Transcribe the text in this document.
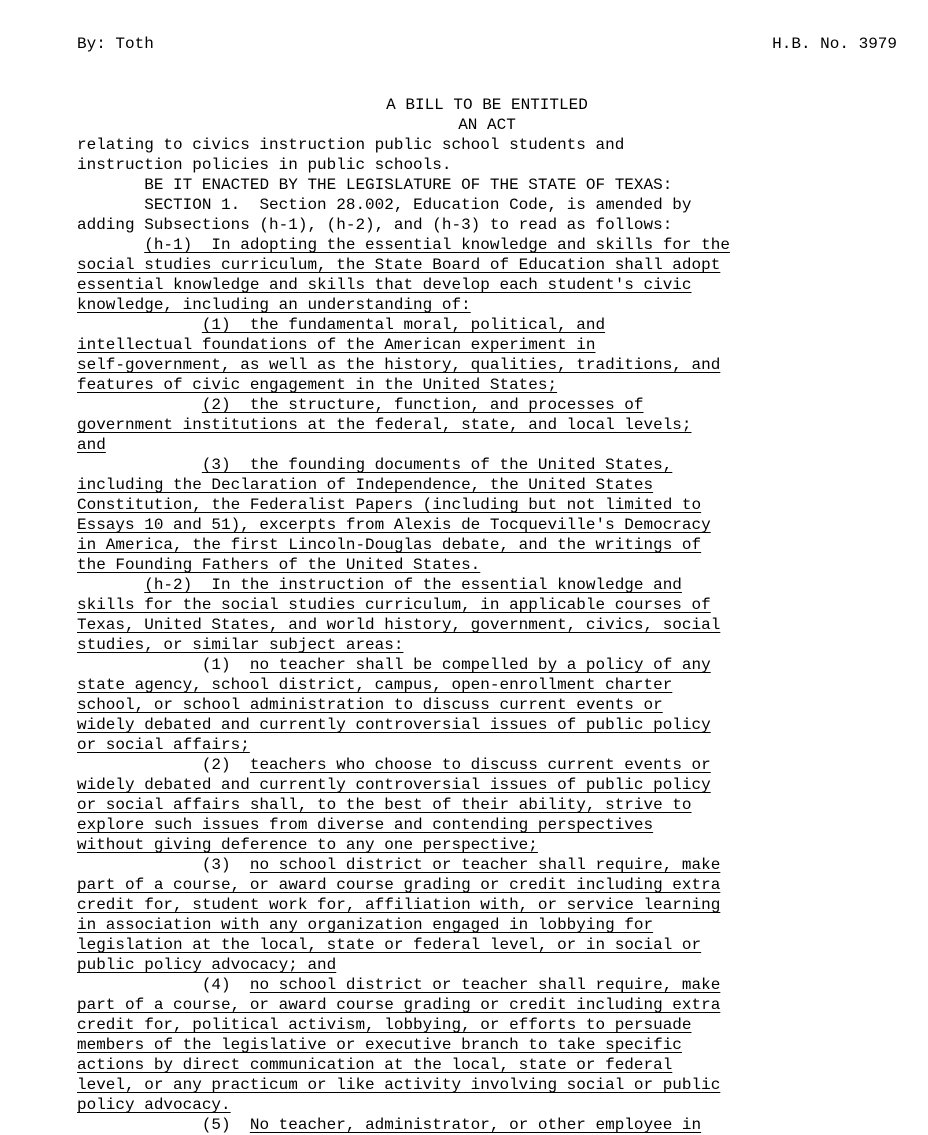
By: Toth	H.B. No. 3979
A BILL TO BE ENTITLED
AN ACT
relating to civics instruction public school students and
instruction policies in public schools.
BE IT ENACTED BY THE LEGISLATURE OF THE STATE OF TEXAS:
SECTION 1.  Section 28.002, Education Code, is amended by
adding Subsections (h-1), (h-2), and (h-3) to read as follows:
(h-1)  In adopting the essential knowledge and skills for the
social studies curriculum, the State Board of Education shall adopt
essential knowledge and skills that develop each student's civic
knowledge, including an understanding of:
(1)  the fundamental moral, political, and
intellectual foundations of the American experiment in
self-government, as well as the history, qualities, traditions, and
features of civic engagement in the United States;
(2)  the structure, function, and processes of
government institutions at the federal, state, and local levels;
and
(3)  the founding documents of the United States,
including the Declaration of Independence, the United States
Constitution, the Federalist Papers (including but not limited to
Essays 10 and 51), excerpts from Alexis de Tocqueville's Democracy
in America, the first Lincoln-Douglas debate, and the writings of
the Founding Fathers of the United States.
(h-2)  In the instruction of the essential knowledge and
skills for the social studies curriculum, in applicable courses of
Texas, United States, and world history, government, civics, social
studies, or similar subject areas:
(1)  no teacher shall be compelled by a policy of any
state agency, school district, campus, open-enrollment charter
school, or school administration to discuss current events or
widely debated and currently controversial issues of public policy
or social affairs;
(2)  teachers who choose to discuss current events or
widely debated and currently controversial issues of public policy
or social affairs shall, to the best of their ability, strive to
explore such issues from diverse and contending perspectives
without giving deference to any one perspective;
(3)  no school district or teacher shall require, make
part of a course, or award course grading or credit including extra
credit for, student work for, affiliation with, or service learning
in association with any organization engaged in lobbying for
legislation at the local, state or federal level, or in social or
public policy advocacy; and
(4)  no school district or teacher shall require, make
part of a course, or award course grading or credit including extra
credit for, political activism, lobbying, or efforts to persuade
members of the legislative or executive branch to take specific
actions by direct communication at the local, state or federal
level, or any practicum or like activity involving social or public
policy advocacy.
(5)  No teacher, administrator, or other employee in
